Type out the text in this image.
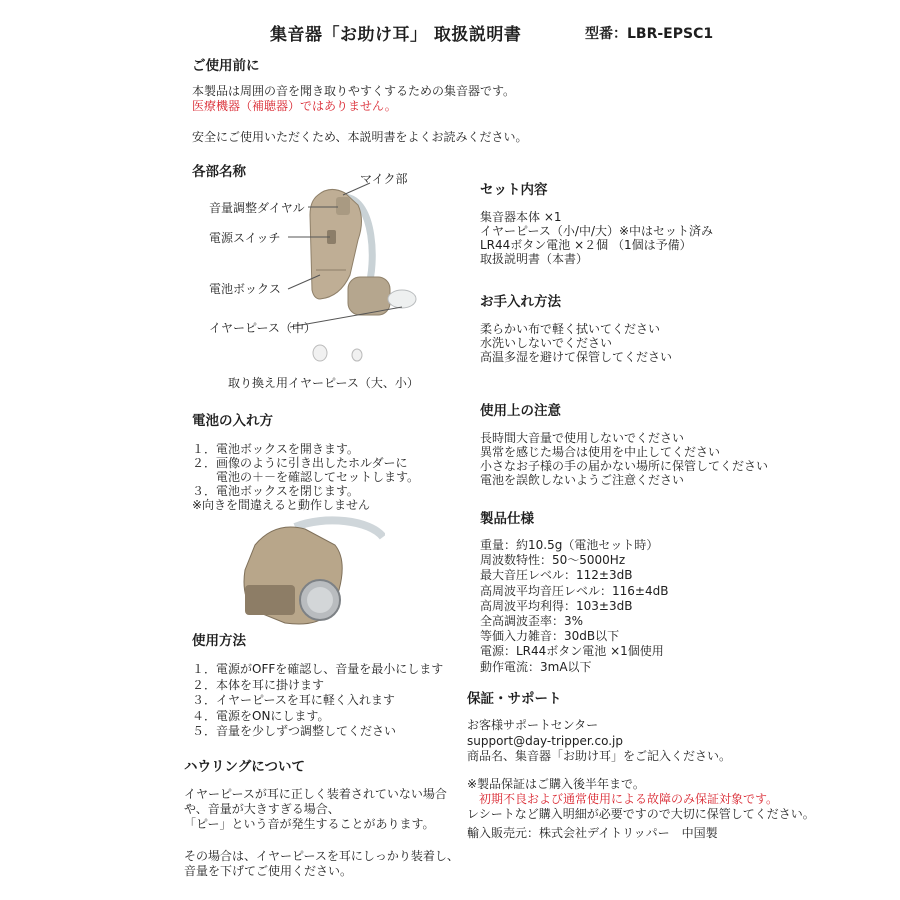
集音器「お助け耳」 取扱説明書	型番：LBR-EPSC1
ご使用前に
本製品は周囲の音を聞き取りやすくするための集音器です。
医療機器（補聴器）ではありません。
安全にご使用いただくため、本説明書をよくお読みください。
各部名称	マイク部
音量調整ダイヤル
電源スイッチ
電池ボックス
イヤーピース（中）
取り換え用イヤーピース（大、小）
電池の入れ方
１．電池ボックスを開きます。
２．画像のように引き出したホルダーに
　　電池の＋－を確認してセットします。
３．電池ボックスを閉じます。
※向きを間違えると動作しません
使用方法
１．電源がOFFを確認し、音量を最小にします
２．本体を耳に掛けます
３．イヤーピースを耳に軽く入れます
４．電源をONにします。
５．音量を少しずつ調整してください
ハウリングについて
イヤーピースが耳に正しく装着されていない場合
や、音量が大きすぎる場合、
「ピー」という音が発生することがあります。
その場合は、イヤーピースを耳にしっかり装着し、
音量を下げてご使用ください。
セット内容
集音器本体 ×1
イヤーピース（小/中/大）※中はセット済み
LR44ボタン電池 ×２個 （1個は予備）
取扱説明書（本書）
お手入れ方法
柔らかい布で軽く拭いてください
水洗いしないでください
高温多湿を避けて保管してください
使用上の注意
長時間大音量で使用しないでください
異常を感じた場合は使用を中止してください
小さなお子様の手の届かない場所に保管してください
電池を誤飲しないようご注意ください
製品仕様
重量：約10.5g（電池セット時）
周波数特性：50～5000Hz
最大音圧レベル：112±3dB
高周波平均音圧レベル：116±4dB
高周波平均利得：103±3dB
全高調波歪率：3%
等価入力雑音：30dB以下
電源：LR44ボタン電池 ×1個使用
動作電流：3mA以下
保証・サポート
お客様サポートセンター
support@day-tripper.co.jp
商品名、集音器「お助け耳」をご記入ください。
※製品保証はご購入後半年まで。
　初期不良および通常使用による故障のみ保証対象です。
レシートなど購入明細が必要ですので大切に保管してください。
輸入販売元：株式会社デイトリッパー　中国製
